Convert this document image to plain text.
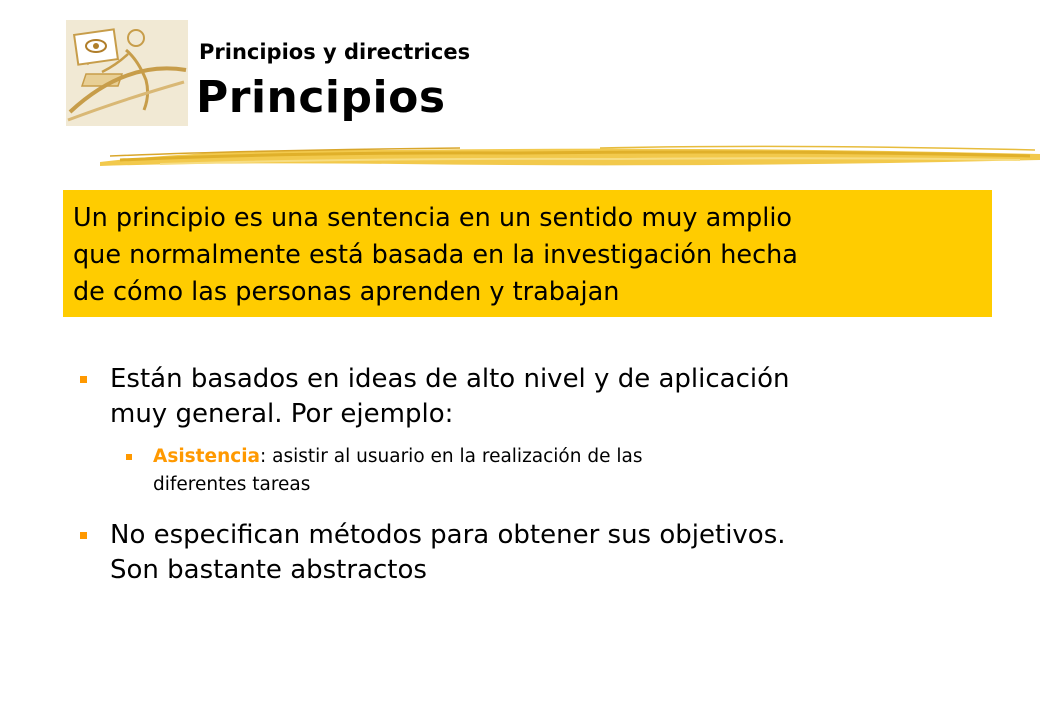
Principios y directrices
Principios
Un principio es una sentencia en un sentido muy amplio
que normalmente está basada en la investigación hecha
de cómo las personas aprenden y trabajan
Están basados en ideas de alto nivel y de aplicación
muy general. Por ejemplo:
Asistencia: asistir al usuario en la realización de las
diferentes tareas
No especifican métodos para obtener sus objetivos.
Son bastante abstractos
